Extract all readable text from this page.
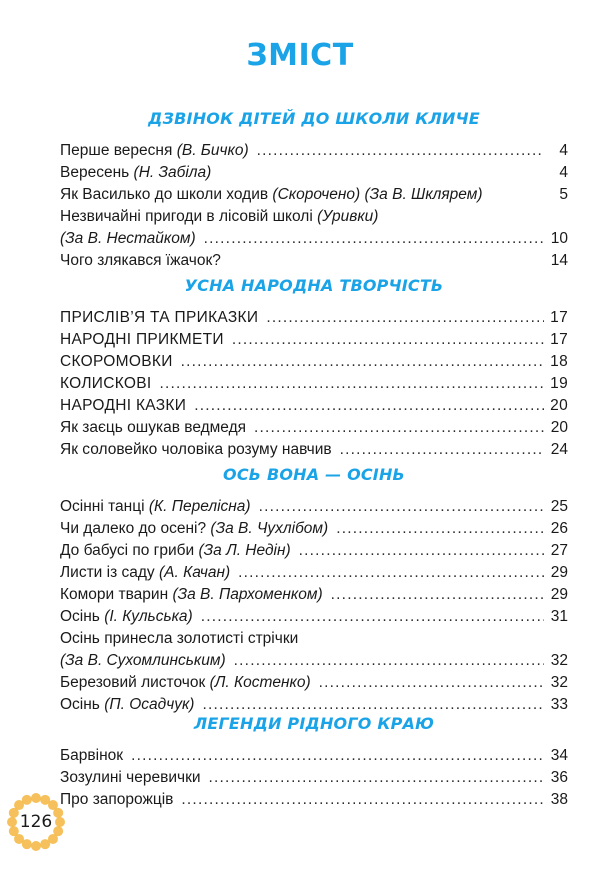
ЗМІСТ
ДЗВІНОК ДІТЕЙ ДО ШКОЛИ КЛИЧЕ
Перше вересня
(В. Бичко) .....	4
Вересень
(Н. Забіла)	4
Як Василько до школи ходив
(Скорочено) (За В. Шклярем)	5
Незвичайні пригоди в лісовій школі
(Уривки)
(За В. Нестайком) .....	10
Чого злякався їжачок?	14
УСНА НАРОДНА ТВОРЧІСТЬ
ПРИСЛІВ’Я ТА ПРИКАЗКИ .....	17
НАРОДНІ ПРИКМЕТИ .....	17
СКОРОМОВКИ .....	18
КОЛИСКОВІ .....	19
НАРОДНІ КАЗКИ .....	20
Як заєць ошукав ведмедя .....	20
Як соловейко чоловіка розуму навчив .....	24
ОСЬ ВОНА — ОСІНЬ
Осінні танці
(К. Перелісна) .....	25
Чи далеко до осені?
(За В. Чухлібом) .....	26
До бабусі по гриби
(За Л. Недін) .....	27
Листи із саду
(А. Качан) .....	29
Комори тварин
(За В. Пархоменком) .....	29
Осінь
(І. Кульська) .....	31
Осінь принесла золотисті стрічки
(За В. Сухомлинським) .....	32
Березовий листочок
(Л. Костенко) .....	32
Осінь
(П. Осадчук) .....	33
ЛЕГЕНДИ РІДНОГО КРАЮ
Барвінок .....	34
Зозулині черевички .....	36
Про запорожців .....	38
126
